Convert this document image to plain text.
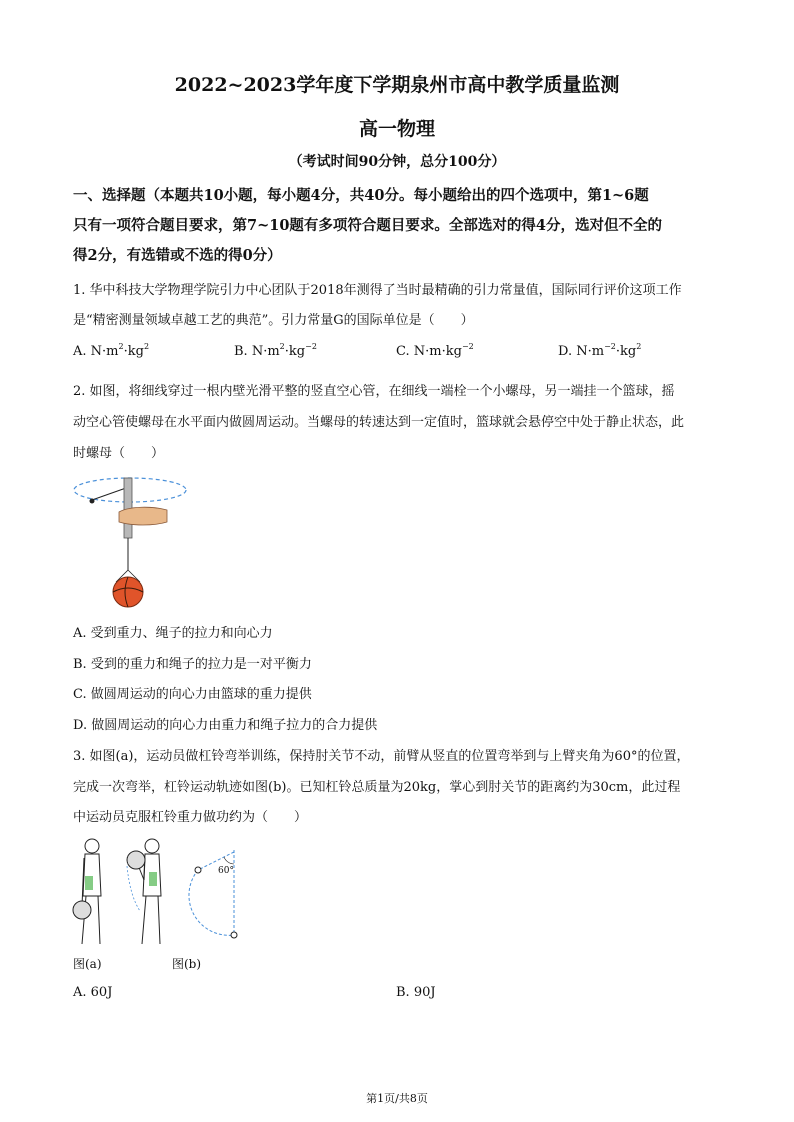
2022~2023学年度下学期泉州市高中教学质量监测
高一物理
（考试时间90分钟，总分100分）
一、选择题（本题共10小题，每小题4分，共40分。每小题给出的四个选项中，第1~6题
只有一项符合题目要求，第7~10题有多项符合题目要求。全部选对的得4分，选对但不全的
得2分，有选错或不选的得0分）
1. 华中科技大学物理学院引力中心团队于2018年测得了当时最精确的引力常量值，国际同行评价这项工作
是“精密测量领域卓越工艺的典范”。引力常量G的国际单位是（　　）
A. $N\cdot m^2\cdot kg^2$	B. $N\cdot m^2\cdot kg^{-2}$	C. $N\cdot m\cdot kg^{-2}$	D. $N\cdot m^{-2}\cdot kg^2$
2. 如图，将细线穿过一根内壁光滑平整的竖直空心管，在细线一端栓一个小螺母，另一端挂一个篮球，摇
动空心管使螺母在水平面内做圆周运动。当螺母的转速达到一定值时，篮球就会悬停空中处于静止状态，此
时螺母（　　）
A. 受到重力、绳子的拉力和向心力
B. 受到的重力和绳子的拉力是一对平衡力
C. 做圆周运动的向心力由篮球的重力提供
D. 做圆周运动的向心力由重力和绳子拉力的合力提供
3. 如图(a)，运动员做杠铃弯举训练，保持肘关节不动，前臂从竖直的位置弯举到与上臂夹角为60°的位置，
完成一次弯举，杠铃运动轨迹如图(b)。已知杠铃总质量为20kg，掌心到肘关节的距离约为30cm，此过程
中运动员克服杠铃重力做功约为（　　）
60°
图(a)	图(b)
A. 60J	B. 90J
第1页/共8页
